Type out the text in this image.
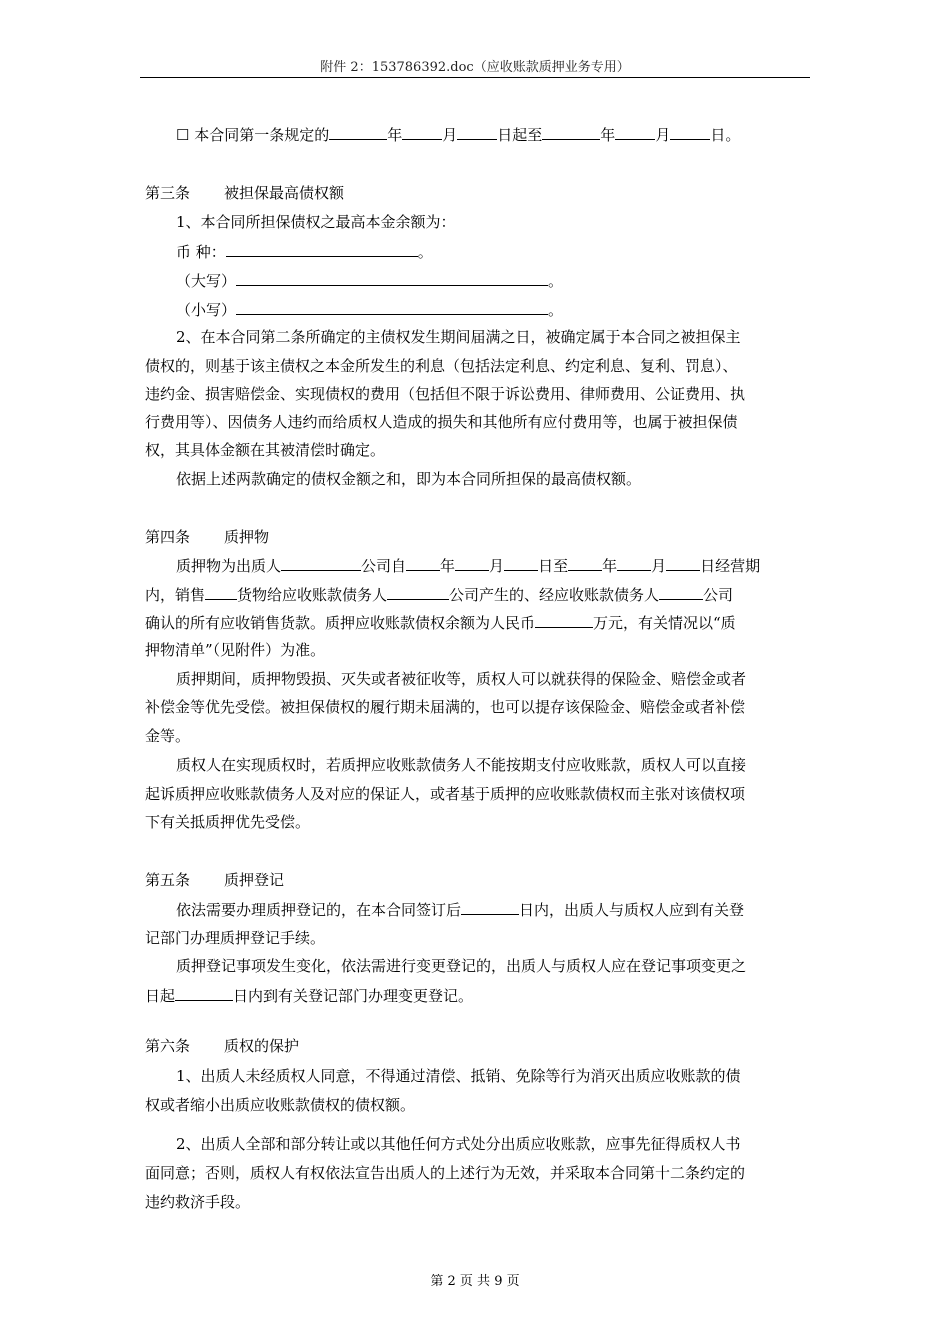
附件 2：153786392.doc（应收账款质押业务专用）
☐ 本合同第一条规定的	年	月	日起至	年	月	日。
第三条 被担保最高债权额
1、本合同所担保债权之最高本金余额为：
币 种：	。
（大写）	。
（小写）	。
2、在本合同第二条所确定的主债权发生期间届满之日，被确定属于本合同之被担保主
债权的，则基于该主债权之本金所发生的利息（包括法定利息、约定利息、复利、罚息）、
违约金、损害赔偿金、实现债权的费用（包括但不限于诉讼费用、律师费用、公证费用、执
行费用等）、因债务人违约而给质权人造成的损失和其他所有应付费用等，也属于被担保债
权，其具体金额在其被清偿时确定。
依据上述两款确定的债权金额之和，即为本合同所担保的最高债权额。
第四条 质押物
质押物为出质人	公司自 年 月 日至 年 月 日经营期
内，销售 货物给应收账款债务人	公司产生的、经应收账款债务人	公司
确认的所有应收销售货款。质押应收账款债权余额为人民币	万元，有关情况以“质
押物清单”（见附件）为准。
质押期间，质押物毁损、灭失或者被征收等，质权人可以就获得的保险金、赔偿金或者
补偿金等优先受偿。被担保债权的履行期未届满的，也可以提存该保险金、赔偿金或者补偿
金等。
质权人在实现质权时，若质押应收账款债务人不能按期支付应收账款，质权人可以直接
起诉质押应收账款债务人及对应的保证人，或者基于质押的应收账款债权而主张对该债权项
下有关抵质押优先受偿。
第五条 质押登记
依法需要办理质押登记的，在本合同签订后	日内，出质人与质权人应到有关登
记部门办理质押登记手续。
质押登记事项发生变化，依法需进行变更登记的，出质人与质权人应在登记事项变更之
日起	日内到有关登记部门办理变更登记。
第六条 质权的保护
1、出质人未经质权人同意，不得通过清偿、抵销、免除等行为消灭出质应收账款的债
权或者缩小出质应收账款债权的债权额。
2、出质人全部和部分转让或以其他任何方式处分出质应收账款，应事先征得质权人书
面同意；否则，质权人有权依法宣告出质人的上述行为无效，并采取本合同第十二条约定的
违约救济手段。
第 2 页 共 9 页
